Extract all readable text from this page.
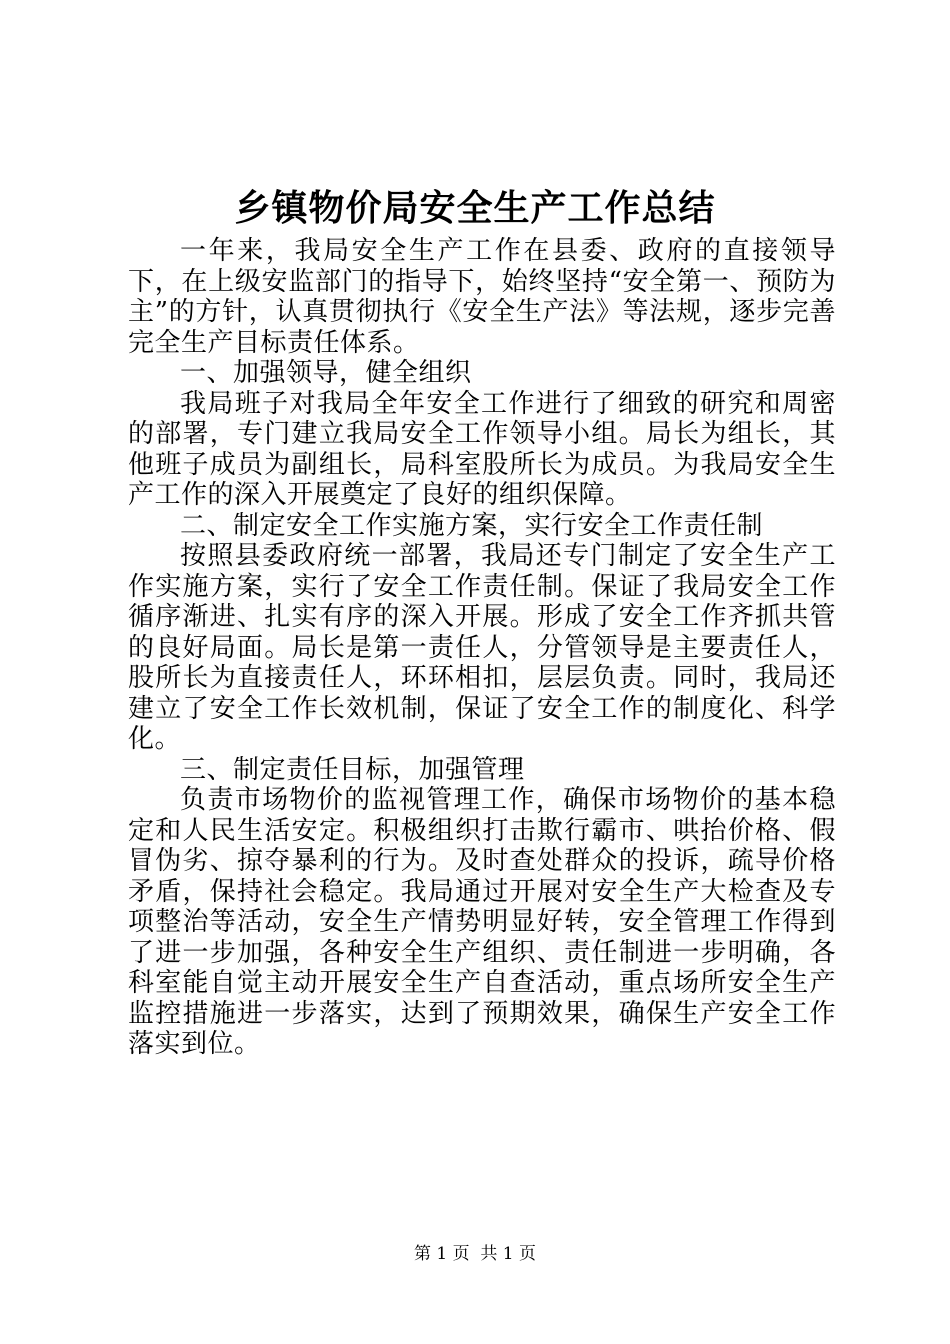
乡镇物价局安全生产工作总结

一年来，我局安全生产工作在县委、政府的直接领导下，在上级安监部门的指导下，始终坚持“安全第一、预防为主”的方针，认真贯彻执行《安全生产法》等法规，逐步完善完全生产目标责任体系。

一、加强领导，健全组织

我局班子对我局全年安全工作进行了细致的研究和周密的部署，专门建立我局安全工作领导小组。局长为组长，其他班子成员为副组长，局科室股所长为成员。为我局安全生产工作的深入开展奠定了良好的组织保障。

二、制定安全工作实施方案，实行安全工作责任制

按照县委政府统一部署，我局还专门制定了安全生产工作实施方案，实行了安全工作责任制。保证了我局安全工作循序渐进、扎实有序的深入开展。形成了安全工作齐抓共管的良好局面。局长是第一责任人，分管领导是主要责任人，股所长为直接责任人，环环相扣，层层负责。同时，我局还建立了安全工作长效机制，保证了安全工作的制度化、科学化。

三、制定责任目标，加强管理

负责市场物价的监视管理工作，确保市场物价的基本稳定和人民生活安定。积极组织打击欺行霸市、哄抬价格、假冒伪劣、掠夺暴利的行为。及时查处群众的投诉，疏导价格矛盾，保持社会稳定。我局通过开展对安全生产大检查及专项整治等活动，安全生产情势明显好转，安全管理工作得到了进一步加强，各种安全生产组织、责任制进一步明确，各科室能自觉主动开展安全生产自查活动，重点场所安全生产监控措施进一步落实，达到了预期效果，确保生产安全工作落实到位。

第 1 页  共 1 页
